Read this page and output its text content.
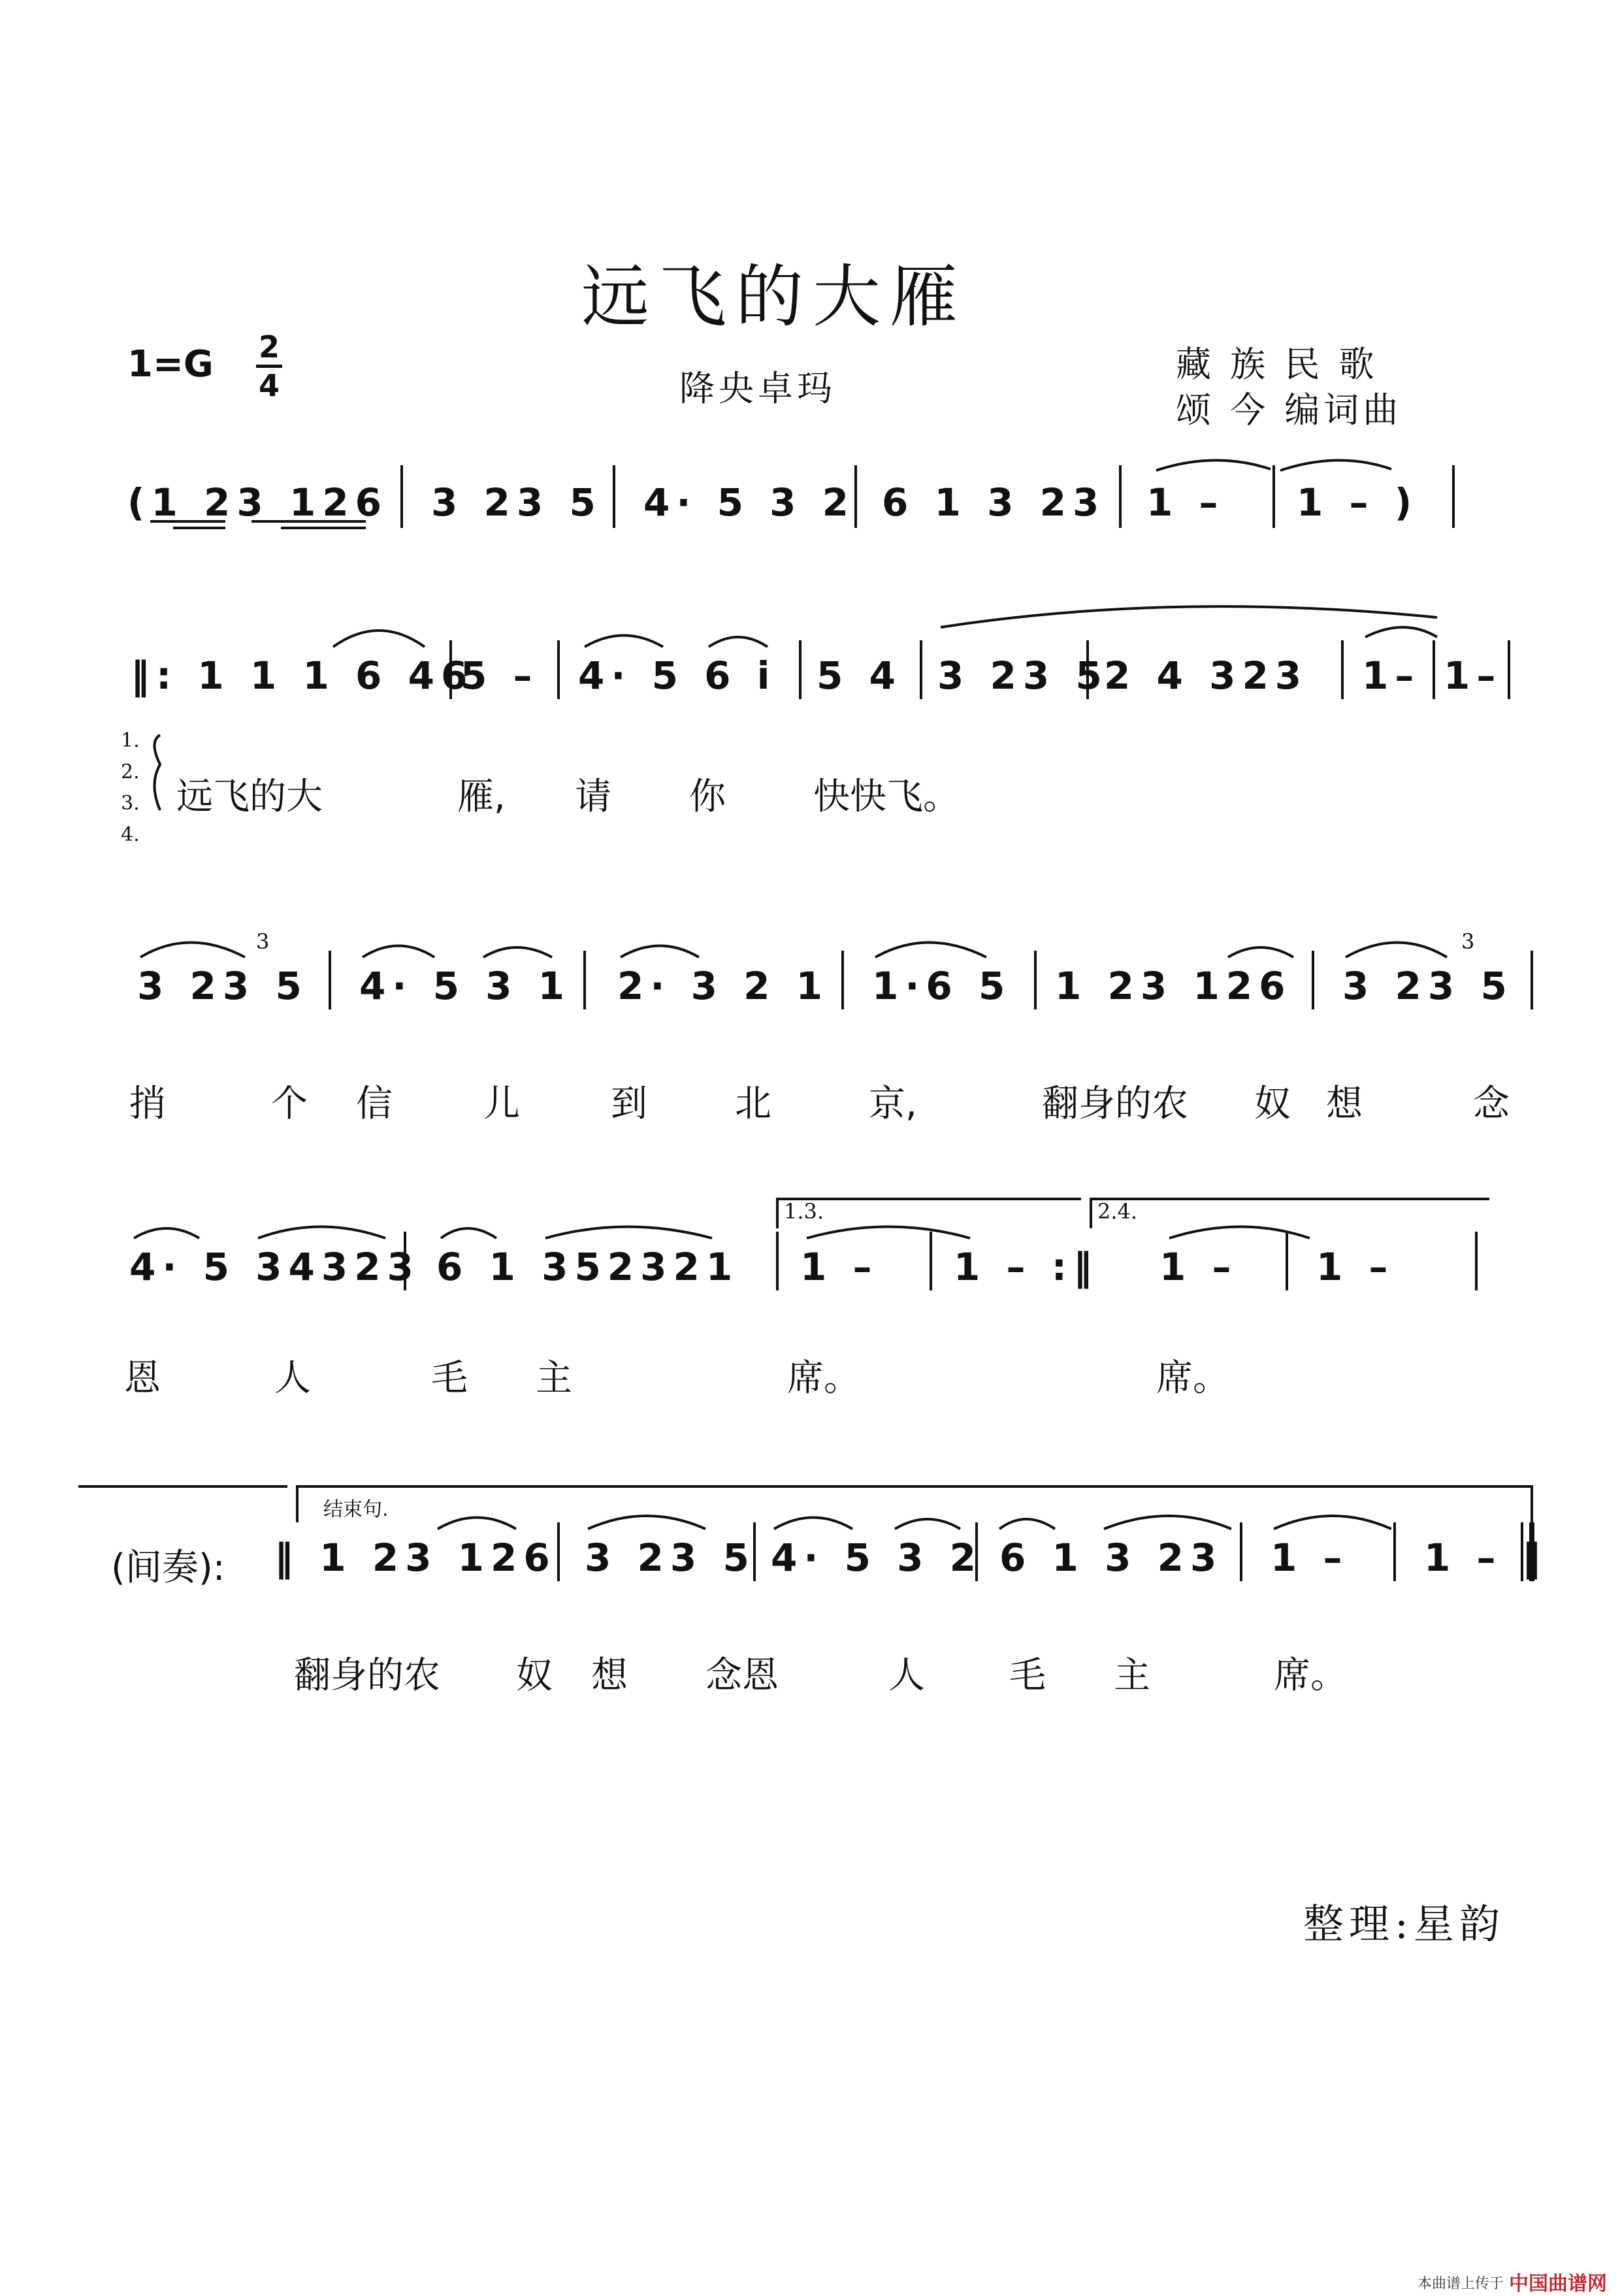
远飞的大雁
1=G 2
4	降央卓玛
藏 族 民 歌
颂 今 编词曲
(1 23 126 3 23 5 4· 5 3 2 6 1 3 23 1 – 1 – )
‖: 1 1 1 6 46
5 – 4· 5 6 i 5 4 3 23 5
2 4 323 1– 1–
1.
2.
3.
4.
远飞的大	雁, 请 你 快快飞。
3 23 5
3
4· 5 3 1 2· 3 2 1 1·6 5 1 23 126 3 23 5
3
捎	个 信 儿 到 北	京,	翻身的农 奴 想	念
4· 5 34323 6 1 352321
1.3.	2.4.
1 – 1 – :‖ 1 – 1 –
恩	人	毛 主	席。	席。
(间奏):
结束句.
‖ 1 23 126 3 23 5 4· 5 3 2 6 1 3 23 1 – 1 – ‖
翻身的农 奴 想 念恩	人 毛 主	席。
整理:星韵
本曲谱上传于 中国曲谱网
